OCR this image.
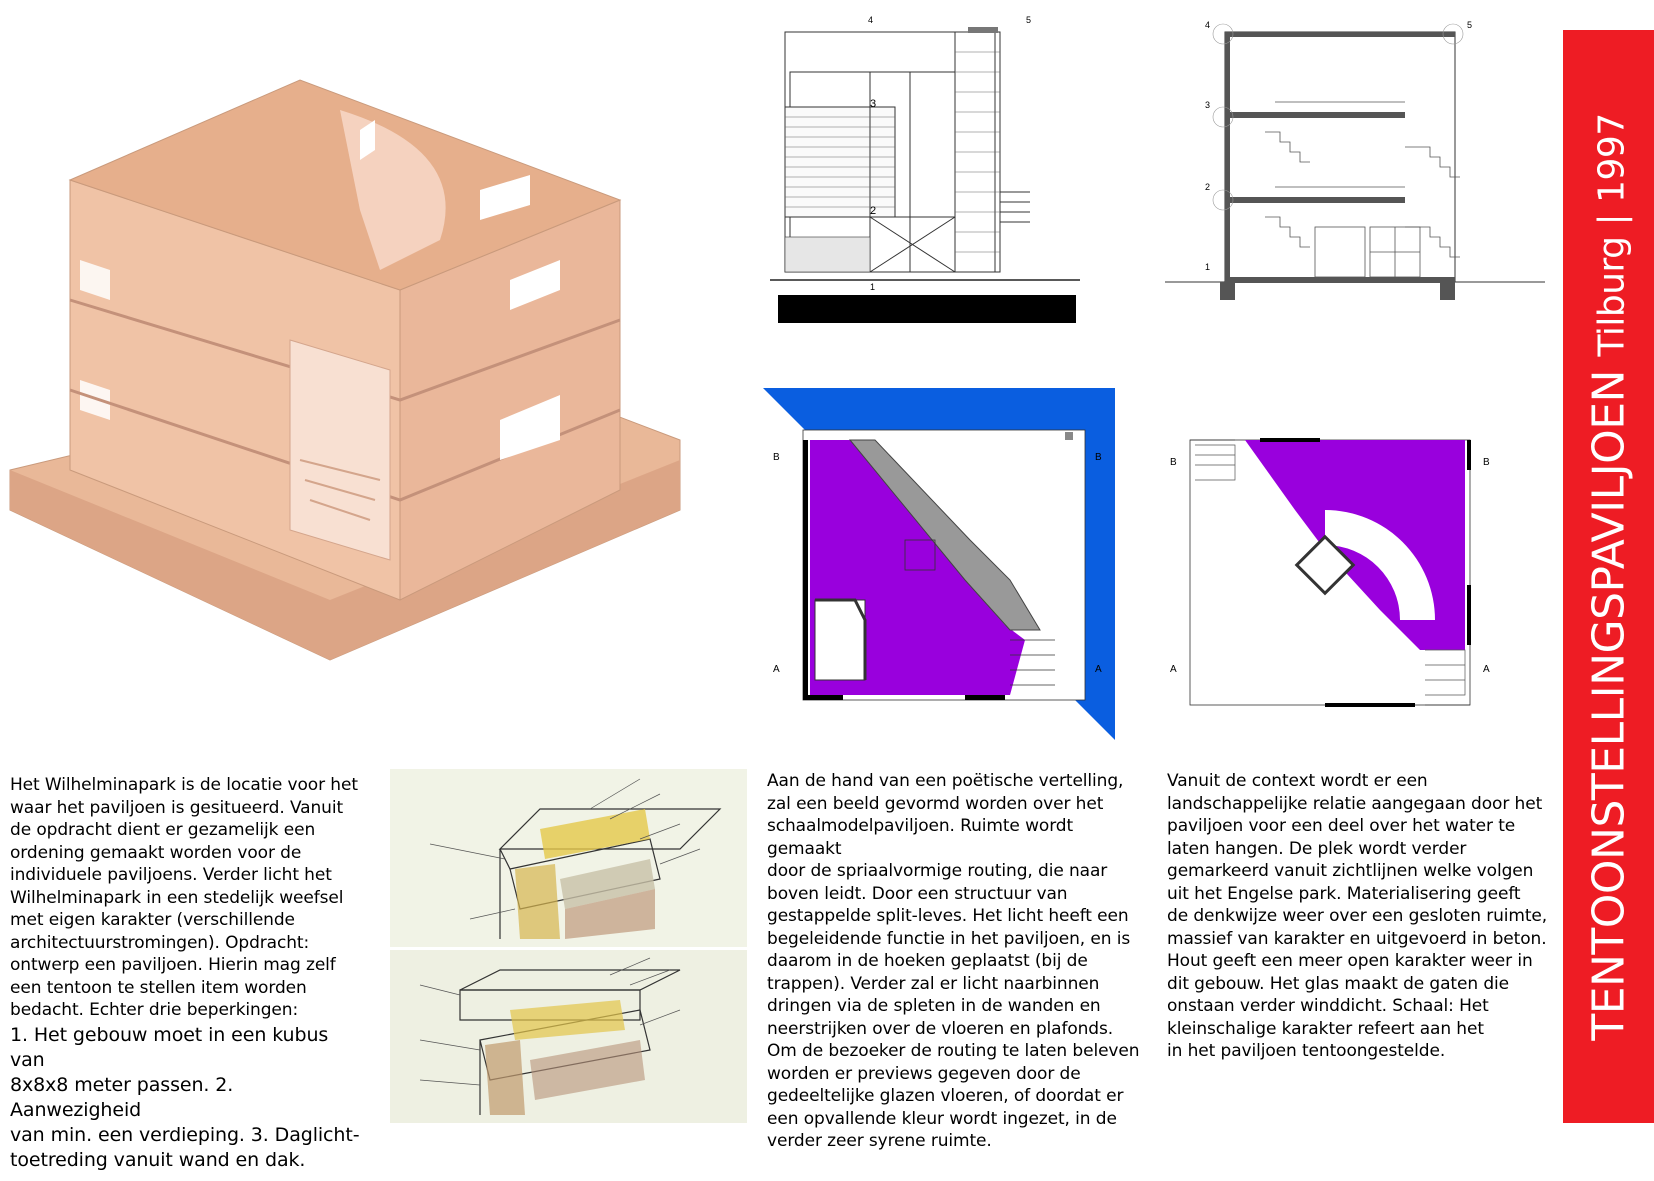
4	5
3
2
1
4	5
3
2
1
B	B
A	A
B	B
A	A

Het Wilhelminapark is de locatie voor het
waar het paviljoen is gesitueerd. Vanuit
de opdracht dient er gezamelijk een
ordening gemaakt worden voor de
individuele paviljoens. Verder licht het
Wilhelminapark in een stedelijk weefsel
met eigen karakter (verschillende
architectuurstromingen). Opdracht:
ontwerp een paviljoen. Hierin mag zelf
een tentoon te stellen item worden
bedacht. Echter drie beperkingen:

1. Het gebouw moet in een kubus van
8x8x8 meter passen. 2. Aanwezigheid
van min. een verdieping. 3. Daglicht-
toetreding vanuit wand en dak.

Aan de hand van een poëtische vertelling,
zal een beeld gevormd worden over het
schaalmodelpaviljoen. Ruimte wordt gemaakt
door de spriaalvormige routing, die naar
boven leidt. Door een structuur van
gestappelde split-leves. Het licht heeft een
begeleidende functie in het paviljoen, en is
daarom in de hoeken geplaatst (bij de
trappen). Verder zal er licht naarbinnen
dringen via de spleten in de wanden en
neerstrijken over de vloeren en plafonds.
Om de bezoeker de routing te laten beleven
worden er previews gegeven door de
gedeeltelijke glazen vloeren, of doordat er
een opvallende kleur wordt ingezet, in de
verder zeer syrene ruimte.

Vanuit de context wordt er een
landschappelijke relatie aangegaan door het
paviljoen voor een deel over het water te
laten hangen. De plek wordt verder
gemarkeerd vanuit zichtlijnen welke volgen
uit het Engelse park. Materialisering geeft
de denkwijze weer over een gesloten ruimte,
massief van karakter en uitgevoerd in beton.
Hout geeft een meer open karakter weer in
dit gebouw. Het glas maakt de gaten die
onstaan verder winddicht. Schaal: Het
kleinschalige karakter refeert aan het
in het paviljoen tentoongestelde.

TENTOONSTELLINGSPAVILJOEN Tilburg | 1997
